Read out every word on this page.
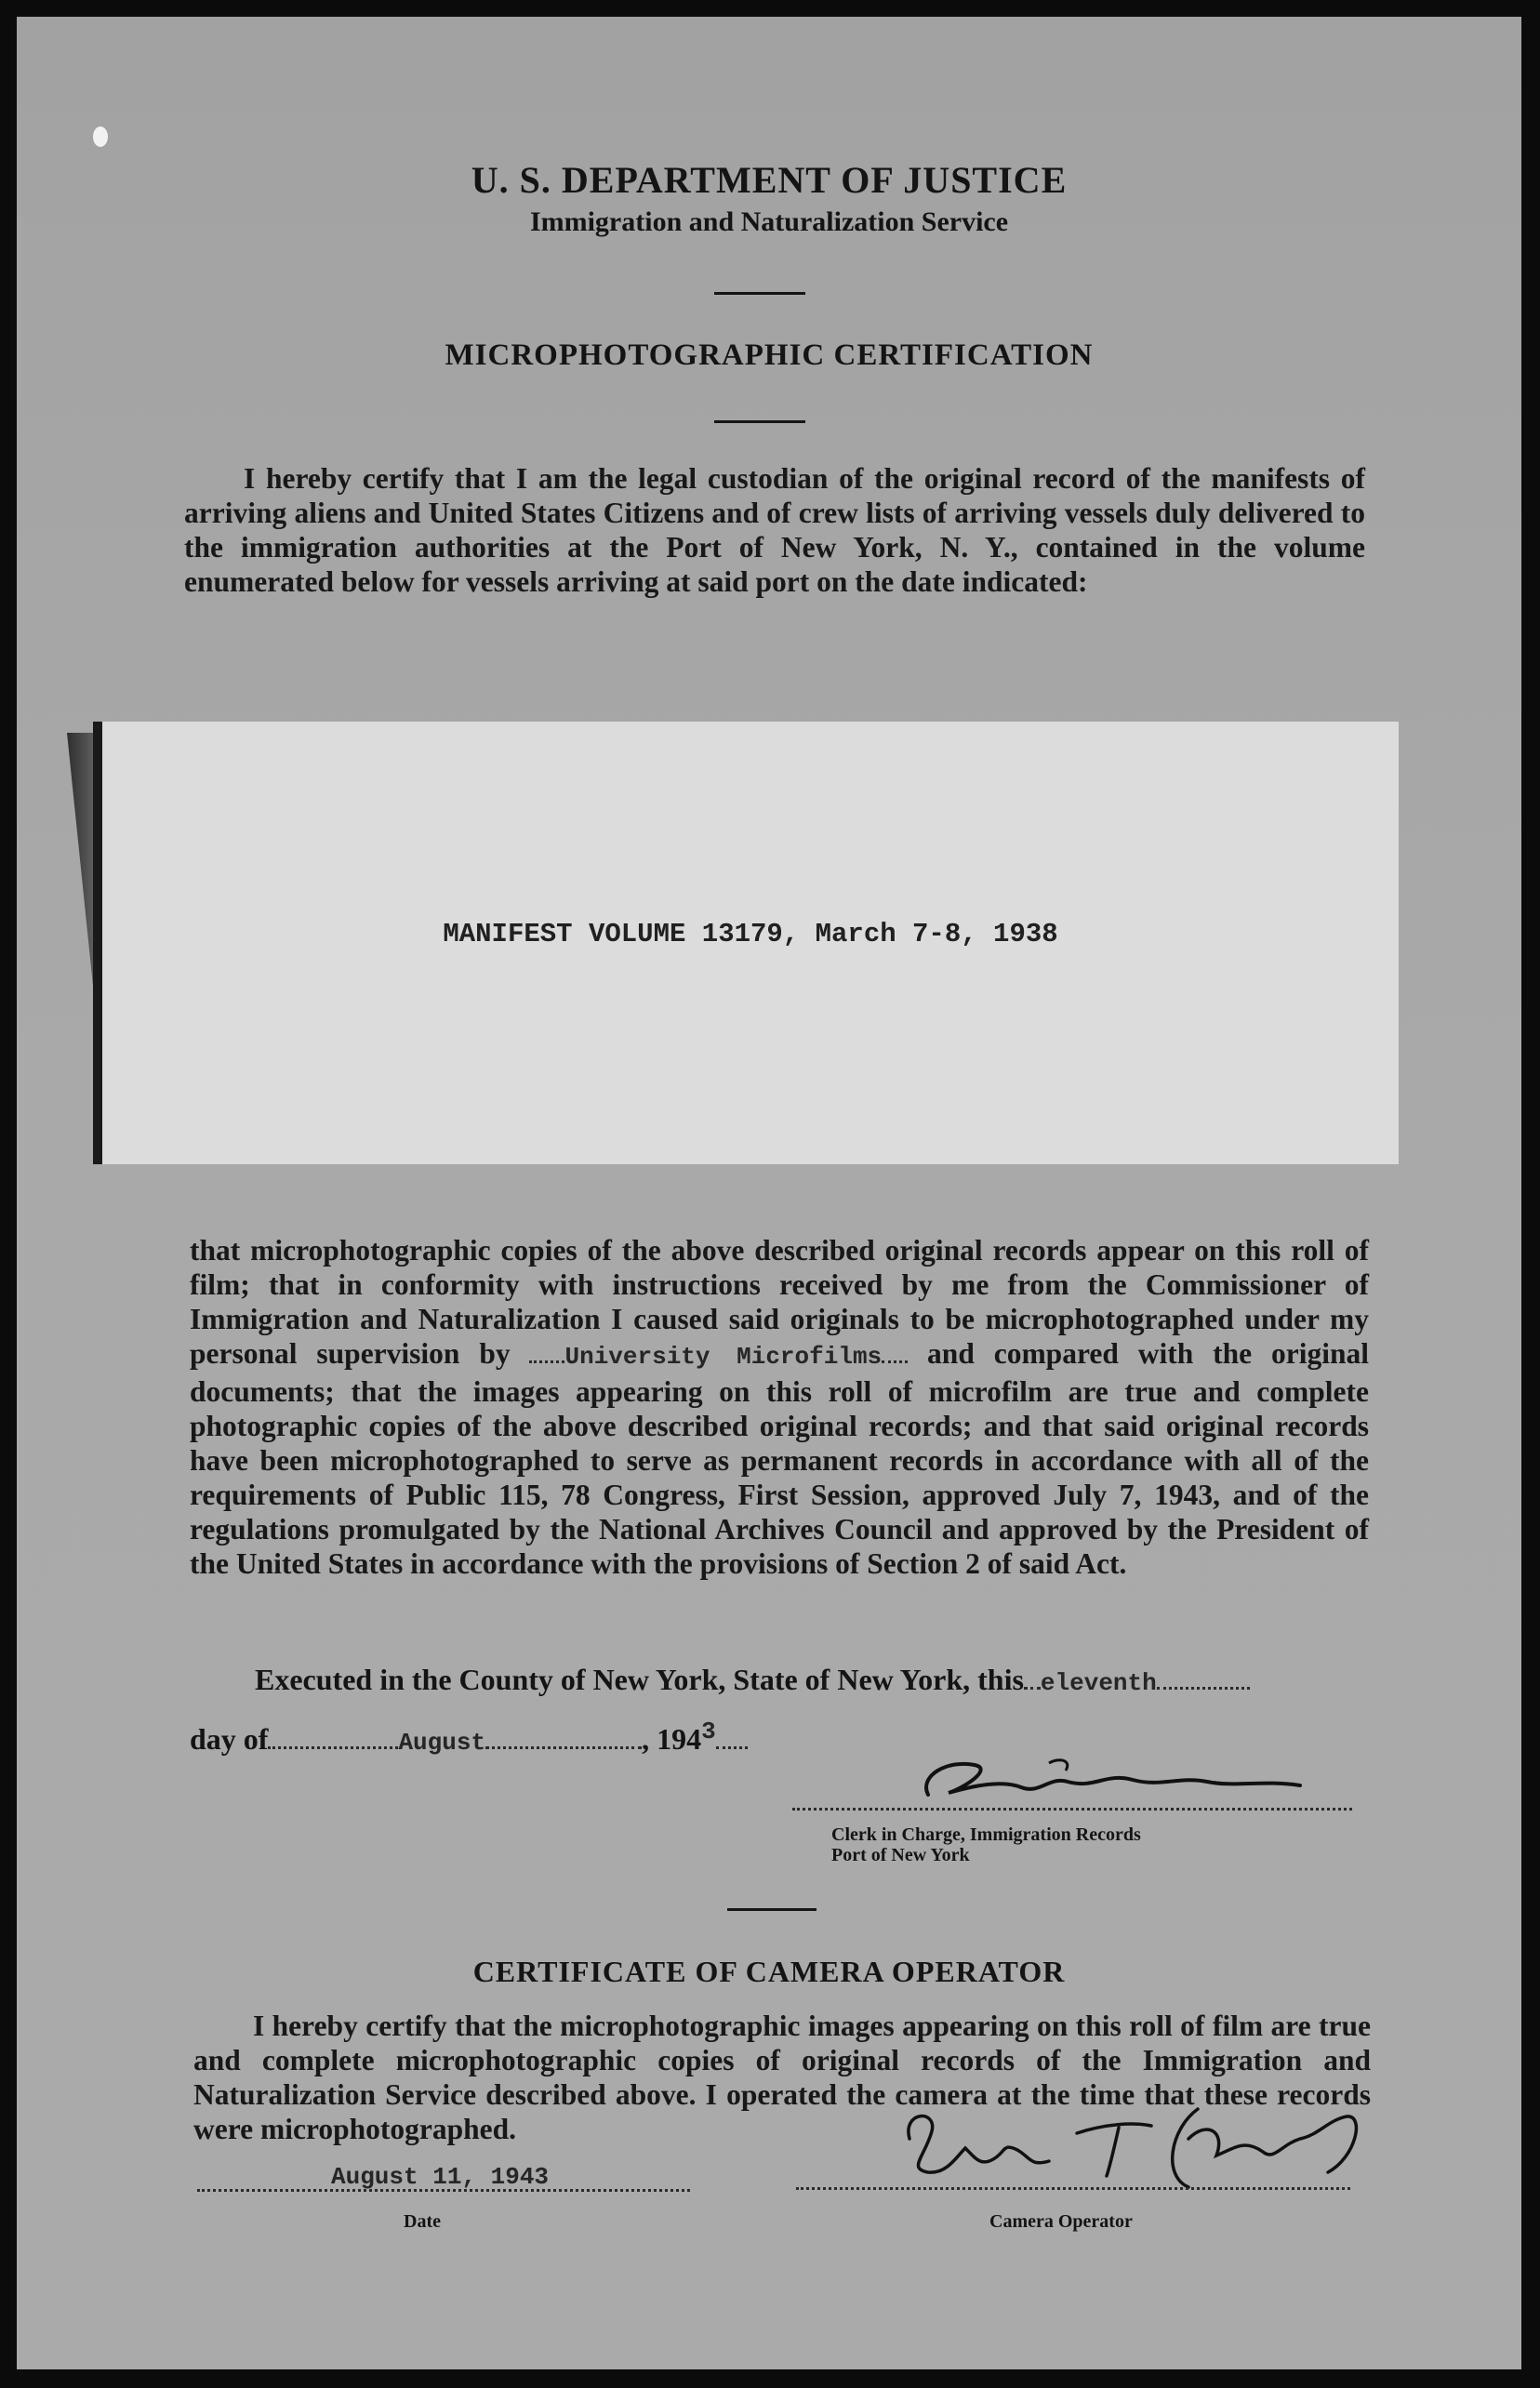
U. S. DEPARTMENT OF JUSTICE
Immigration and Naturalization Service
MICROPHOTOGRAPHIC CERTIFICATION
I hereby certify that I am the legal custodian of the original record of the manifests of arriving aliens and United States Citizens and of crew lists of arriving vessels duly delivered to the immigration authorities at the Port of New York, N. Y., contained in the volume enumerated below for vessels arriving at said port on the date indicated:
MANIFEST VOLUME 13179, March 7-8, 1938
that microphotographic copies of the above described original records appear on this roll of film; that in conformity with instructions received by me from the Commissioner of Immigration and Naturalization I caused said originals to be microphotographed under my personal supervision by University Microfilms and compared with the original documents; that the images appearing on this roll of microfilm are true and complete photographic copies of the above described original records; and that said original records have been microphotographed to serve as permanent records in accordance with all of the requirements of Public 115, 78 Congress, First Session, approved July 7, 1943, and of the regulations promulgated by the National Archives Council and approved by the President of the United States in accordance with the provisions of Section 2 of said Act.
Executed in the County of New York, State of New York, this eleventh
day of	August	, $194^3$
Clerk in Charge, Immigration Records
Port of New York
CERTIFICATE OF CAMERA OPERATOR
I hereby certify that the microphotographic images appearing on this roll of film are true and complete microphotographic copies of original records of the Immigration and Naturalization Service described above. I operated the camera at the time that these records were microphotographed.
August 11, 1943
Date	Camera Operator
